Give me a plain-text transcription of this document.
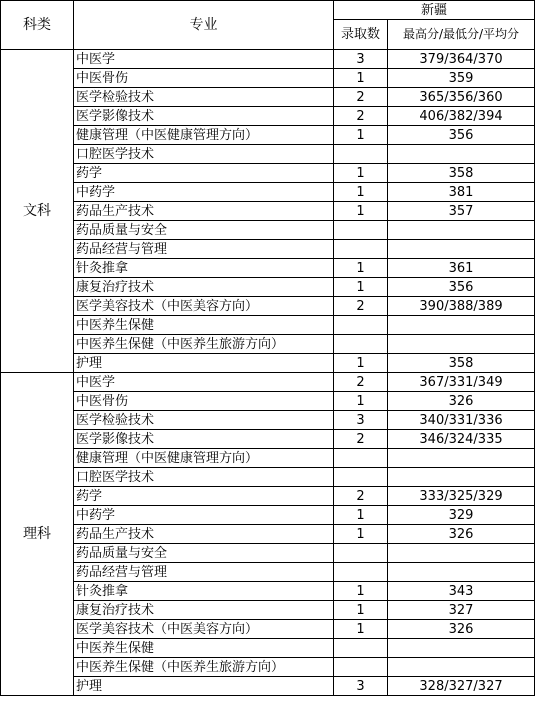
科类	专业	新疆	
		录取数	最高分/最低分/平均分
文科	中医学	3	379/364/370
	中医骨伤	1	359
	医学检验技术	2	365/356/360
	医学影像技术	2	406/382/394
	健康管理（中医健康管理方向）	1	356
	口腔医学技术		
	药学	1	358
	中药学	1	381
	药品生产技术	1	357
	药品质量与安全		
	药品经营与管理		
	针灸推拿	1	361
	康复治疗技术	1	356
	医学美容技术（中医美容方向）	2	390/388/389
	中医养生保健		
	中医养生保健（中医养生旅游方向）		
	护理	1	358
理科	中医学	2	367/331/349
	中医骨伤	1	326
	医学检验技术	3	340/331/336
	医学影像技术	2	346/324/335
	健康管理（中医健康管理方向）		
	口腔医学技术		
	药学	2	333/325/329
	中药学	1	329
	药品生产技术	1	326
	药品质量与安全		
	药品经营与管理		
	针灸推拿	1	343
	康复治疗技术	1	327
	医学美容技术（中医美容方向）	1	326
	中医养生保健		
	中医养生保健（中医养生旅游方向）		
	护理	3	328/327/327
